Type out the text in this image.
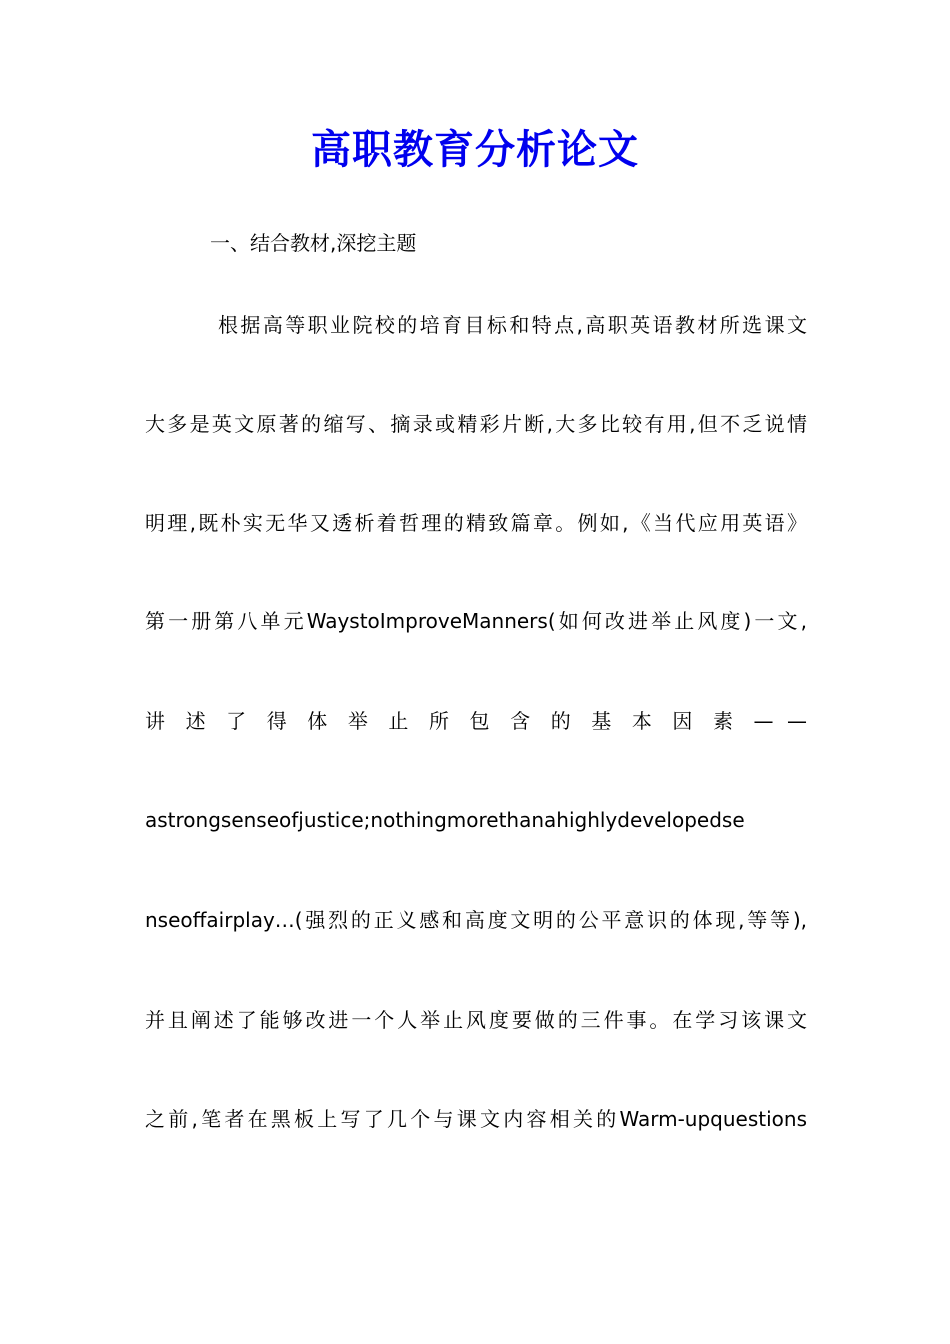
高职教育分析论文
一、结合教材,深挖主题
根据高等职业院校的培育目标和特点,高职英语教材所选课文
大多是英文原著的缩写、摘录或精彩片断,大多比较有用,但不乏说情
明理,既朴实无华又透析着哲理的精致篇章。例如,《当代应用英语》
第一册第八单元WaystoImproveManners(如何改进举止风度)一文,
讲 述 了 得 体 举 止 所 包 含 的 基 本 因 素 — —
astrongsenseofjustice;nothingmorethanahighlydevelopedse
nseoffairplay…(强烈的正义感和高度文明的公平意识的体现,等等),
并且阐述了能够改进一个人举止风度要做的三件事。在学习该课文
之前,笔者在黑板上写了几个与课文内容相关的Warm-upquestions
